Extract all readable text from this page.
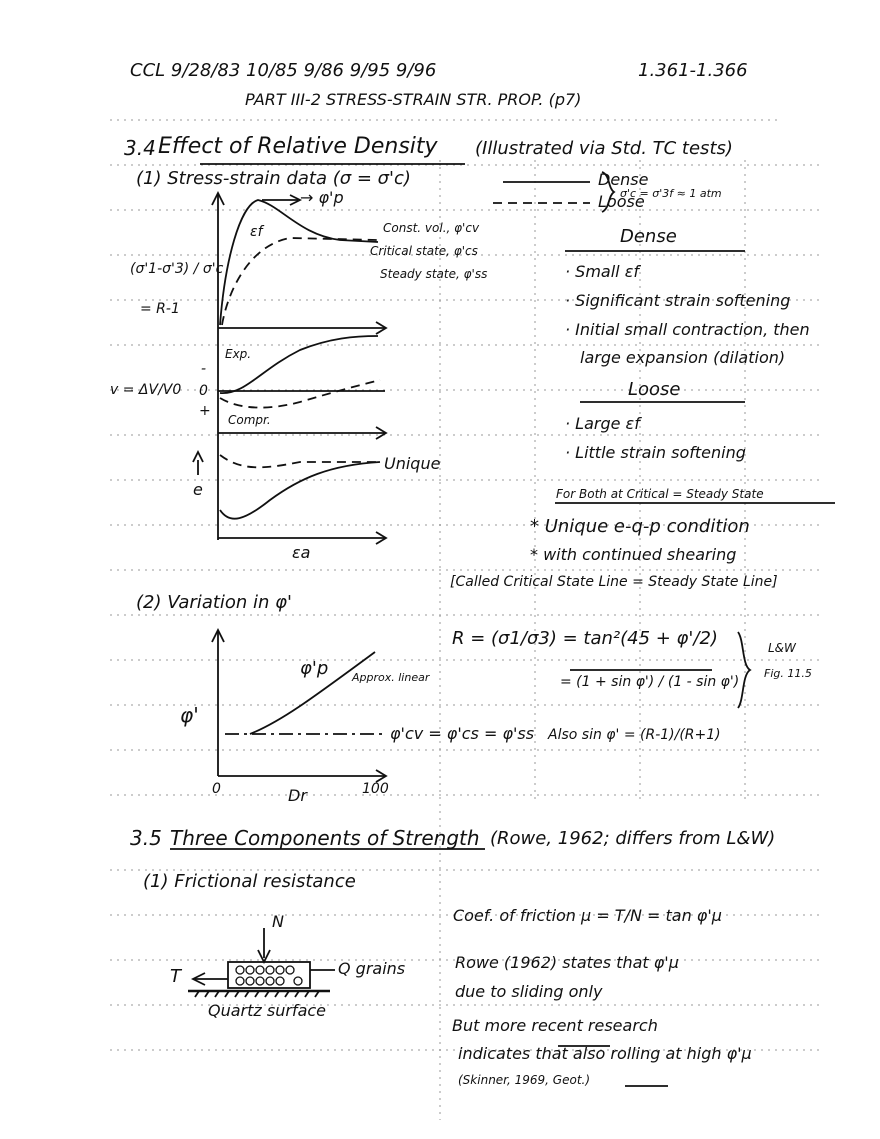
CCL 9/28/83 10/85 9/86 9/95 9/96	1.361-1.366
PART III-2 STRESS-STRAIN STR. PROP. (p7)
3.4 Effect of Relative Density (Illustrated via Std. TC tests)
(1) Stress-strain data (σ = σ'c)
→ φ'p
εf	Const. vol., φ'cv
Critical state, φ'cs
Steady state, φ'ss
(σ'1-σ'3) / σ'c
= R-1
Exp.
Compr.
v = ΔV/V0
-
0
+
e
Unique
εa
Dense
Loose
σ'c = σ'3f ≈ 1 atm
Dense
· Small εf
· Significant strain softening
· Initial small contraction, then
large expansion (dilation)
Loose
· Large εf
· Little strain softening
For Both at Critical = Steady State
* Unique e-q-p condition
* with continued shearing
[Called Critical State Line = Steady State Line]
(2) Variation in φ'
φ'
φ'p Approx. linear
φ'cv = φ'cs = φ'ss
0	Dr	100
R = (σ1/σ3) = tan²(45 + φ'/2)
= (1 + sin φ') / (1 - sin φ')
L&W
Fig. 11.5
Also sin φ' = (R-1)/(R+1)
3.5 Three Components of Strength (Rowe, 1962; differs from L&W)
(1) Frictional resistance
N
T	Q grains
Quartz surface
Coef. of friction μ = T/N = tan φ'μ
Rowe (1962) states that φ'μ
due to sliding only
But more recent research
indicates that also rolling at high φ'μ
(Skinner, 1969, Geot.)
